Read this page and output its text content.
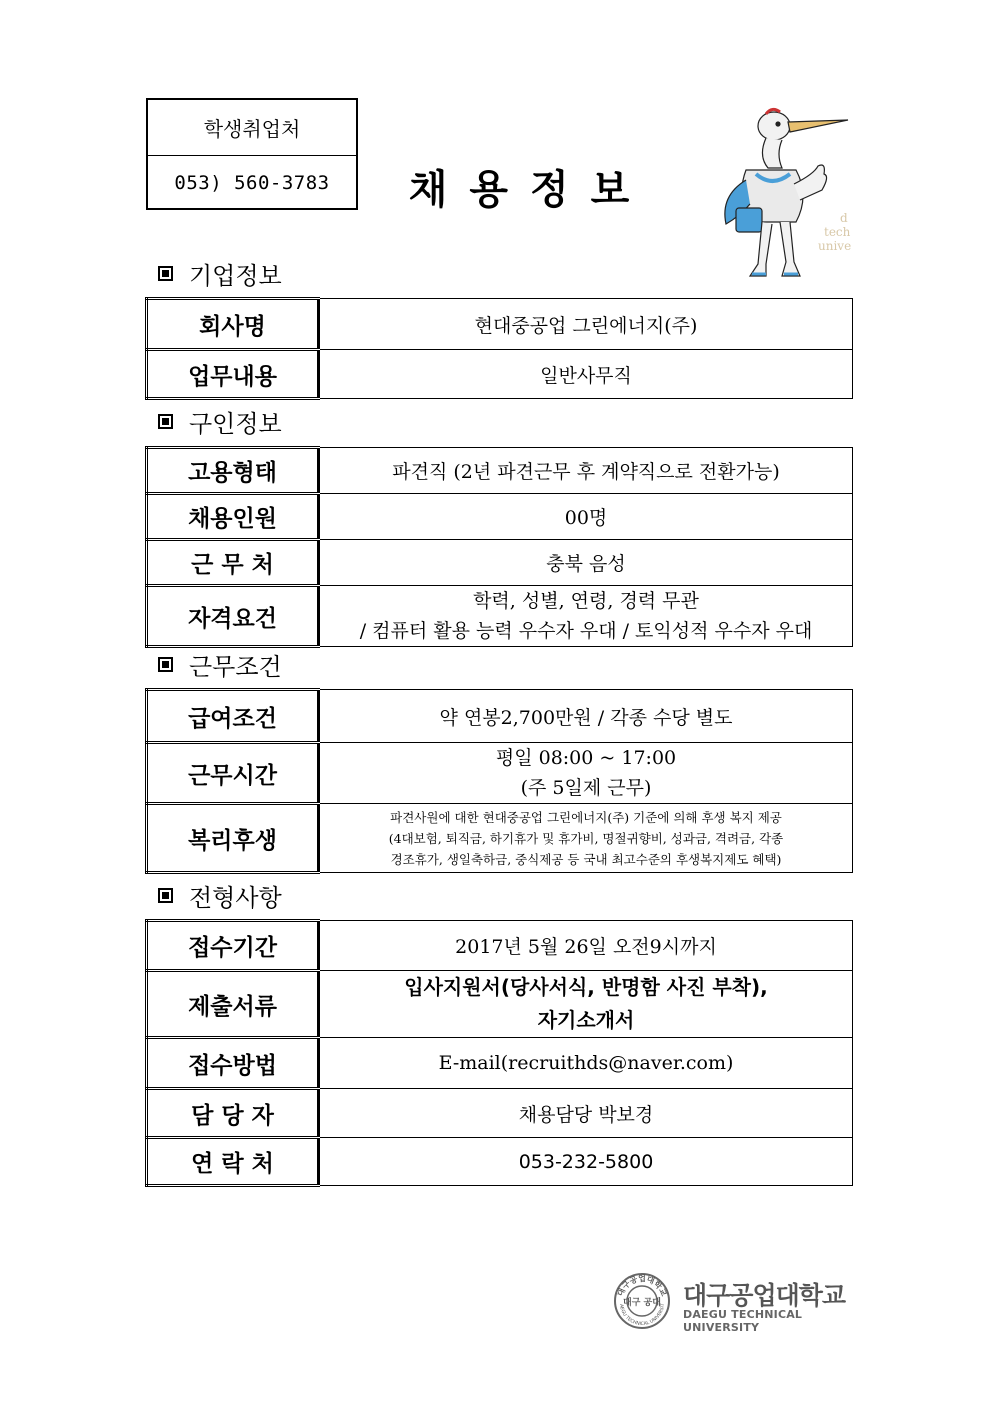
학생취업처
053) 560-3783	채용정보
d
tech
unive
기업정보
회사명	현대중공업 그린에너지(주)
업무내용	일반사무직
구인정보
고용형태	파견직 (2년 파견근무 후 계약직으로 전환가능)
채용인원	00명
근 무 처	충북 음성
자격요건	학력, 성별, 연령, 경력 무관
/ 컴퓨터 활용 능력 우수자 우대 / 토익성적 우수자 우대
근무조건
급여조건	약 연봉2,700만원 / 각종 수당 별도
근무시간	평일 08:00 ~ 17:00
(주 5일제 근무)

복리후생	파견사원에 대한 현대중공업 그린에너지(주) 기준에 의해 후생 복지 제공
(4대보험, 퇴직금, 하기휴가 및 휴가비, 명절귀향비, 성과금, 격려금, 각종
경조휴가, 생일축하금, 중식제공 등 국내 최고수준의 후생복지제도 혜택)
전형사항
접수기간	2017년 5월 26일 오전9시까지
제출서류	입사지원서(당사서식, 반명함 사진 부착),
자기소개서

접수방법	E-mail(recruithds@naver.com)
담 당 자	채용담당 박보경
연 락 처	053-232-5800
대구공업대학교
AEGU TECHNICAL UNIVERSIT
대구 공대 대구공업대학교
DAEGU TECHNICAL UNIVERSITY
